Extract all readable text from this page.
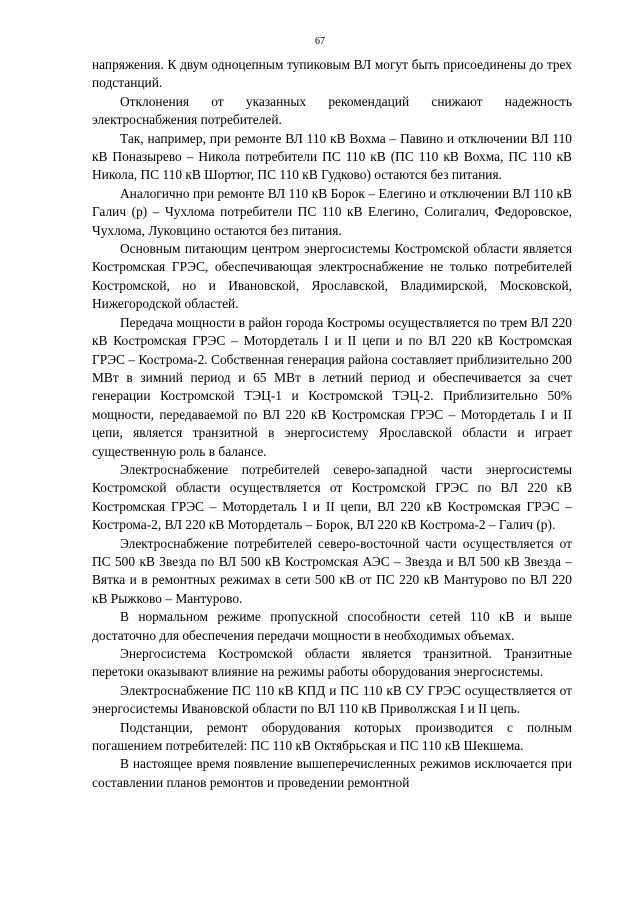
67

напряжения. К двум одноцепным тупиковым ВЛ могут быть присоединены до трех подстанций.

Отклонения от указанных рекомендаций снижают надежность электроснабжения потребителей.

Так, например, при ремонте ВЛ 110 кВ Вохма – Павино и отключении ВЛ 110 кВ Поназырево – Никола потребители ПС 110 кВ (ПС 110 кВ Вохма, ПС 110 кВ Никола, ПС 110 кВ Шортюг, ПС 110 кВ Гудково) остаются без питания.

Аналогично при ремонте ВЛ 110 кВ Борок – Елегино и отключении ВЛ 110 кВ Галич (р) – Чухлома потребители ПС 110 кВ Елегино, Солигалич, Федоровское, Чухлома, Луковцино остаются без питания.

Основным питающим центром энергосистемы Костромской области является Костромская ГРЭС, обеспечивающая электроснабжение не только потребителей Костромской, но и Ивановской, Ярославской, Владимирской, Московской, Нижегородской областей.

Передача мощности в район города Костромы осуществляется по трем ВЛ 220 кВ Костромская ГРЭС – Мотордеталь I и II цепи и по ВЛ 220 кВ Костромская ГРЭС – Кострома-2. Собственная генерация района составляет приблизительно 200 МВт в зимний период и 65 МВт в летний период и обеспечивается за счет генерации Костромской ТЭЦ-1 и Костромской ТЭЦ-2. Приблизительно 50% мощности, передаваемой по ВЛ 220 кВ Костромская ГРЭС – Мотордеталь I и II цепи, является транзитной в энергосистему Ярославской области и играет существенную роль в балансе.

Электроснабжение потребителей северо-западной части энергосистемы Костромской области осуществляется от Костромской ГРЭС по ВЛ 220 кВ Костромская ГРЭС – Мотордеталь I и II цепи, ВЛ 220 кВ Костромская ГРЭС – Кострома-2, ВЛ 220 кВ Мотордеталь – Борок, ВЛ 220 кВ Кострома-2 – Галич (р).

Электроснабжение потребителей северо-восточной части осуществляется от ПС 500 кВ Звезда по ВЛ 500 кВ Костромская АЭС – Звезда и ВЛ 500 кВ Звезда – Вятка и в ремонтных режимах в сети 500 кВ от ПС 220 кВ Мантурово по ВЛ 220 кВ Рыжково – Мантурово.

В нормальном режиме пропускной способности сетей 110 кВ и выше достаточно для обеспечения передачи мощности в необходимых объемах.

Энергосистема Костромской области является транзитной. Транзитные перетоки оказывают влияние на режимы работы оборудования энергосистемы.

Электроснабжение ПС 110 кВ КПД и ПС 110 кВ СУ ГРЭС осуществляется от энергосистемы Ивановской области по ВЛ 110 кВ Приволжская I и II цепь.

Подстанции, ремонт оборудования которых производится с полным погашением потребителей: ПС 110 кВ Октябрьская и ПС 110 кВ Шекшема.

В настоящее время появление вышеперечисленных режимов исключается при составлении планов ремонтов и проведении ремонтной
